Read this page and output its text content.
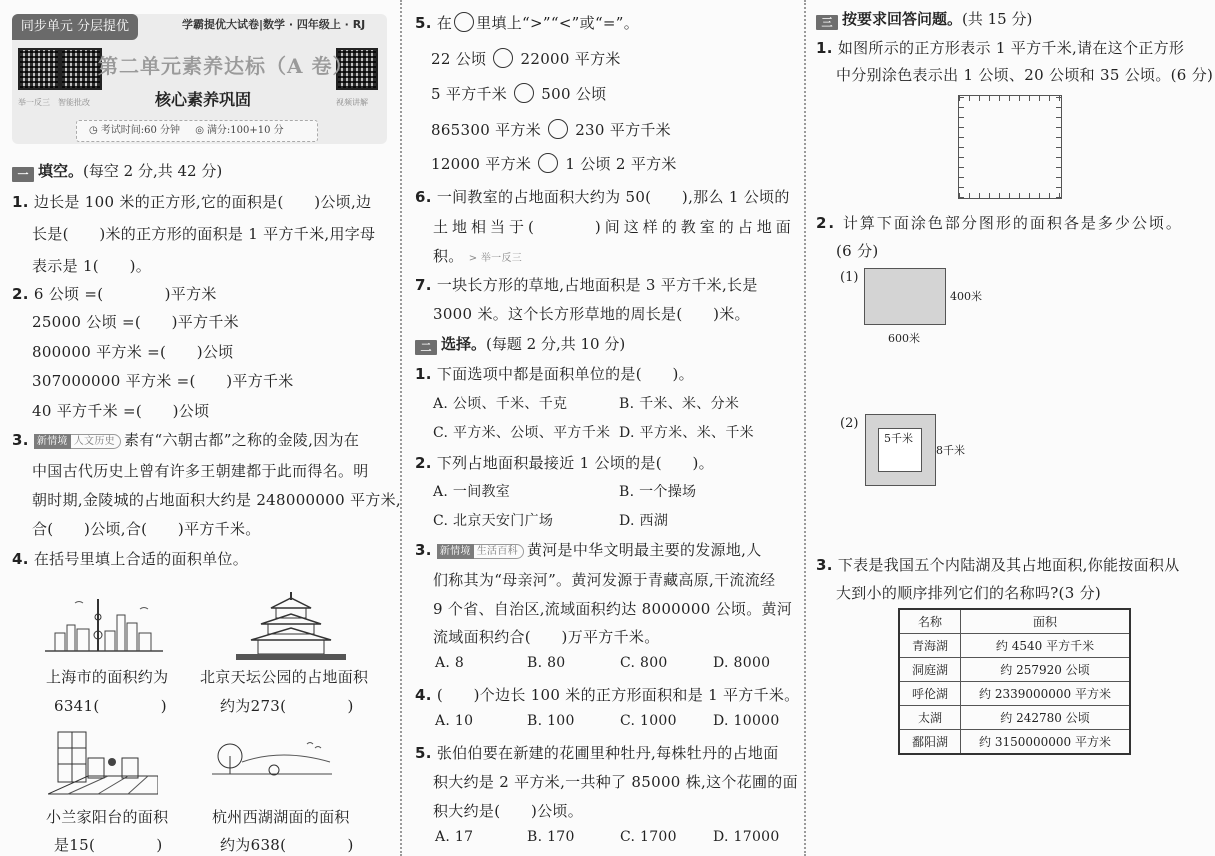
同步单元 分层提优	学霸提优大试卷|数学 · 四年级上 · RJ
举一反三 智能批改	视频讲解
第二单元素养达标（A 卷）
核心素养巩固
◷ 考试时间:60 分钟 ◎ 满分:100+10 分
一 填空。(每空 2 分,共 42 分)
1. 边长是 100 米的正方形,它的面积是(　　)公顷,边
长是(　　)米的正方形的面积是 1 平方千米,用字母
表示是 1(　　)。
2. 6 公顷 =(　　　　)平方米
25000 公顷 =(　　)平方千米
800000 平方米 =(　　)公顷
307000000 平方米 =(　　)平方千米
40 平方千米 =(　　)公顷
3. 新情境 人文历史 素有“六朝古都”之称的金陵,因为在
中国古代历史上曾有许多王朝建都于此而得名。明
朝时期,金陵城的占地面积大约是 248000000 平方米,
合(　　)公顷,合(　　)平方千米。
4. 在括号里填上合适的面积单位。
上海市的面积约为
6341(　　　　)
北京天坛公园的占地面积
约为273(　　　　)
小兰家阳台的面积
是15(　　　　)
杭州西湖湖面的面积
约为638(　　　　)
5. 在 里填上“>”“<”或“=”。
22 公顷 22000 平方米
5 平方千米 500 公顷
865300 平方米 230 平方千米
12000 平方米 1 公顷 2 平方米
6. 一间教室的占地面积大约为 50(　　),那么 1 公顷的
土地相当于(　　　)间这样的教室的占地面
积。 > 举一反三
7. 一块长方形的草地,占地面积是 3 平方千米,长是
3000 米。这个长方形草地的周长是(　　)米。
二 选择。(每题 2 分,共 10 分)
1. 下面选项中都是面积单位的是(　　)。
A. 公顷、千米、千克	B. 千米、米、分米
C. 平方米、公顷、平方千米 D. 平方米、米、千米
2. 下列占地面积最接近 1 公顷的是(　　)。
A. 一间教室	B. 一个操场
C. 北京天安门广场	D. 西湖
3. 新情境 生活百科 黄河是中华文明最主要的发源地,人
们称其为“母亲河”。黄河发源于青藏高原,干流流经
9 个省、自治区,流域面积约达 8000000 公顷。黄河
流域面积约合(　　)万平方千米。
A. 8	B. 80	C. 800	D. 8000
4. (　　)个边长 100 米的正方形面积和是 1 平方千米。
A. 10	B. 100	C. 1000	D. 10000
5. 张伯伯要在新建的花圃里种牡丹,每株牡丹的占地面
积大约是 2 平方米,一共种了 85000 株,这个花圃的面
积大约是(　　)公顷。
A. 17	B. 170	C. 1700	D. 17000
三 按要求回答问题。(共 15 分)
1. 如图所示的正方形表示 1 平方千米,请在这个正方形
中分别涂色表示出 1 公顷、20 公顷和 35 公顷。(6 分)
2. 计算下面涂色部分图形的面积各是多少公顷。
(6 分)
(1)
400米
600米
(2)
8千米
3. 下表是我国五个内陆湖及其占地面积,你能按面积从
大到小的顺序排列它们的名称吗?(3 分)
5千米
名称	面积
青海湖	约 4540 平方千米
洞庭湖	约 257920 公顷
呼伦湖	约 2339000000 平方米
太湖	约 242780 公顷
鄱阳湖	约 3150000000 平方米
